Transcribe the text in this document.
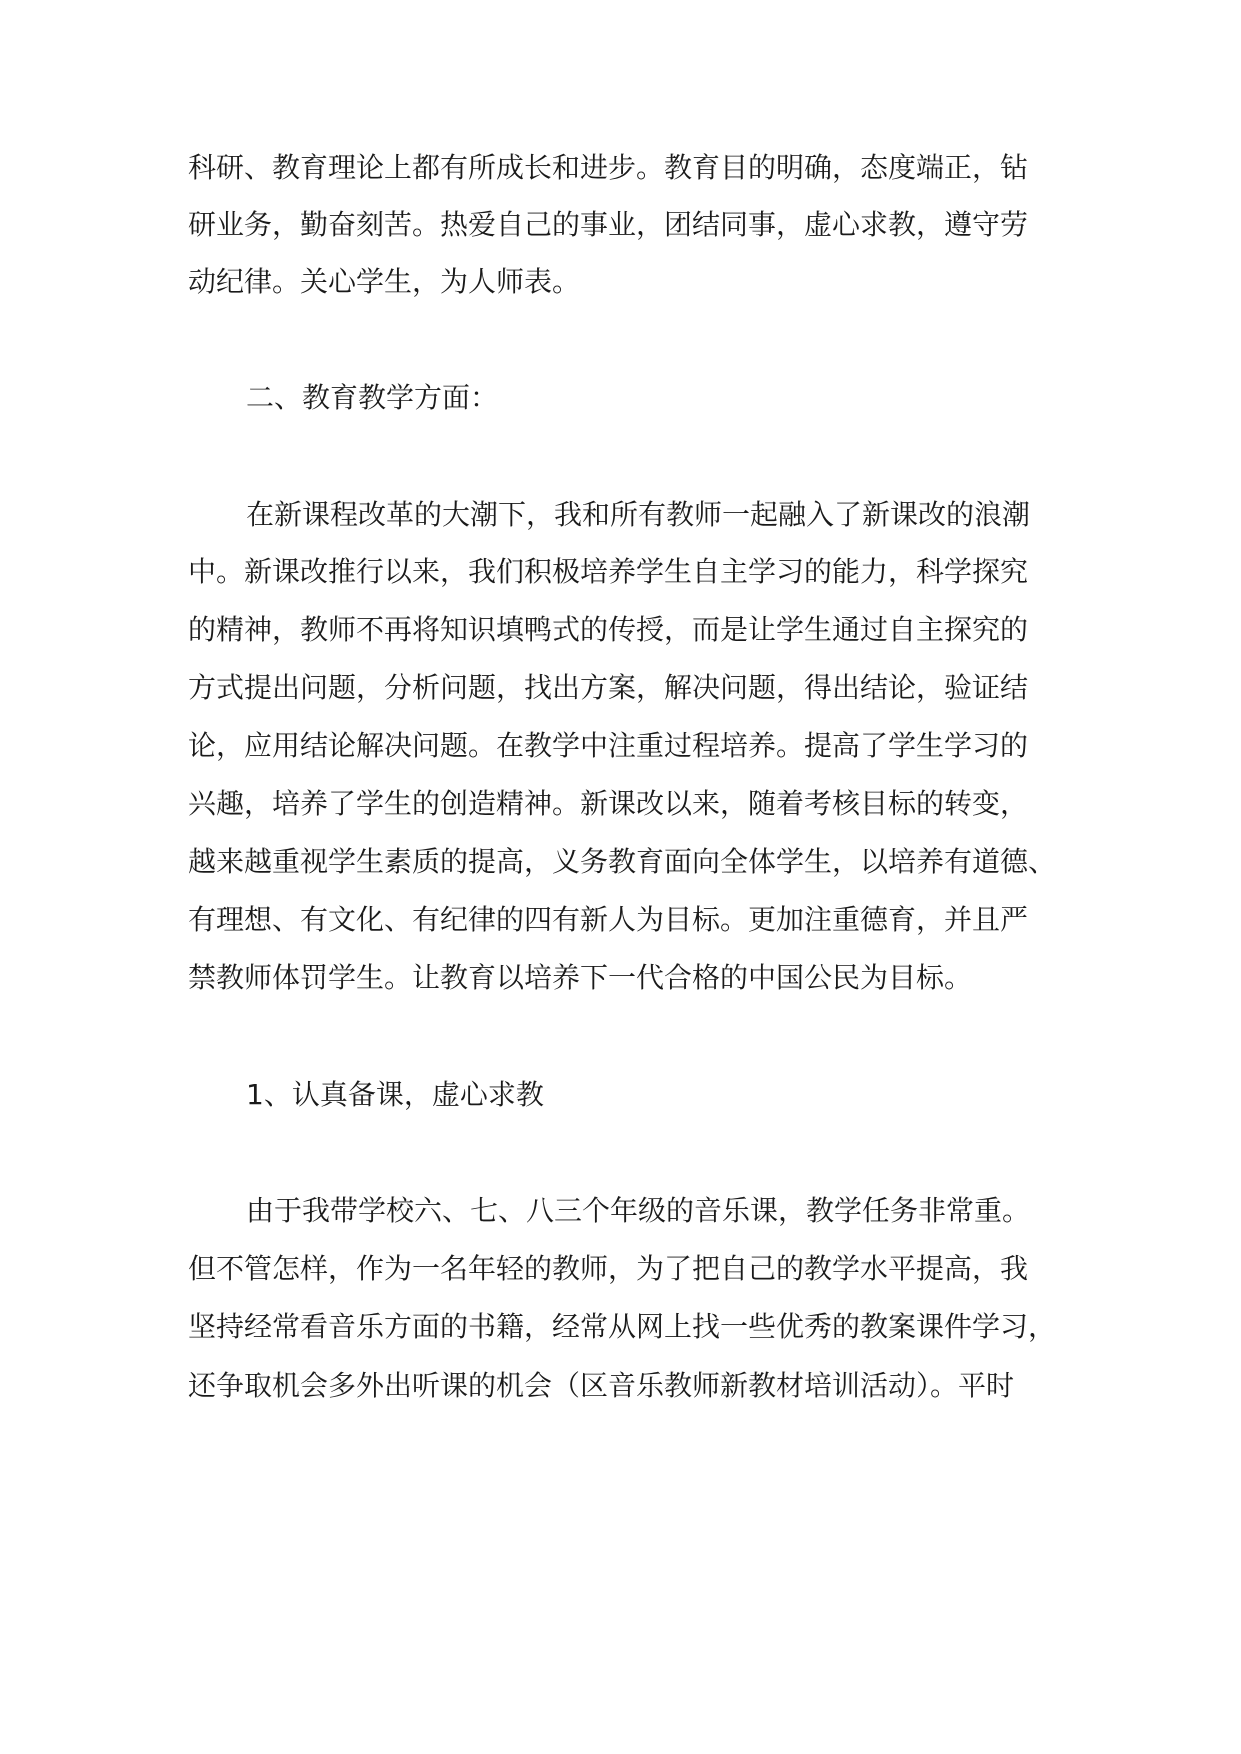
科研、教育理论上都有所成长和进步。教育目的明确，态度端正，钻
研业务，勤奋刻苦。热爱自己的事业，团结同事，虚心求教，遵守劳
动纪律。关心学生，为人师表。
二、教育教学方面：
在新课程改革的大潮下，我和所有教师一起融入了新课改的浪潮
中。新课改推行以来，我们积极培养学生自主学习的能力，科学探究
的精神，教师不再将知识填鸭式的传授，而是让学生通过自主探究的
方式提出问题，分析问题，找出方案，解决问题，得出结论，验证结
论，应用结论解决问题。在教学中注重过程培养。提高了学生学习的
兴趣，培养了学生的创造精神。新课改以来，随着考核目标的转变，
越来越重视学生素质的提高，义务教育面向全体学生，以培养有道德、
有理想、有文化、有纪律的四有新人为目标。更加注重德育，并且严
禁教师体罚学生。让教育以培养下一代合格的中国公民为目标。
1、认真备课，虚心求教
由于我带学校六、七、八三个年级的音乐课，教学任务非常重。
但不管怎样，作为一名年轻的教师，为了把自己的教学水平提高，我
坚持经常看音乐方面的书籍，经常从网上找一些优秀的教案课件学习，
还争取机会多外出听课的机会（区音乐教师新教材培训活动）。平时
